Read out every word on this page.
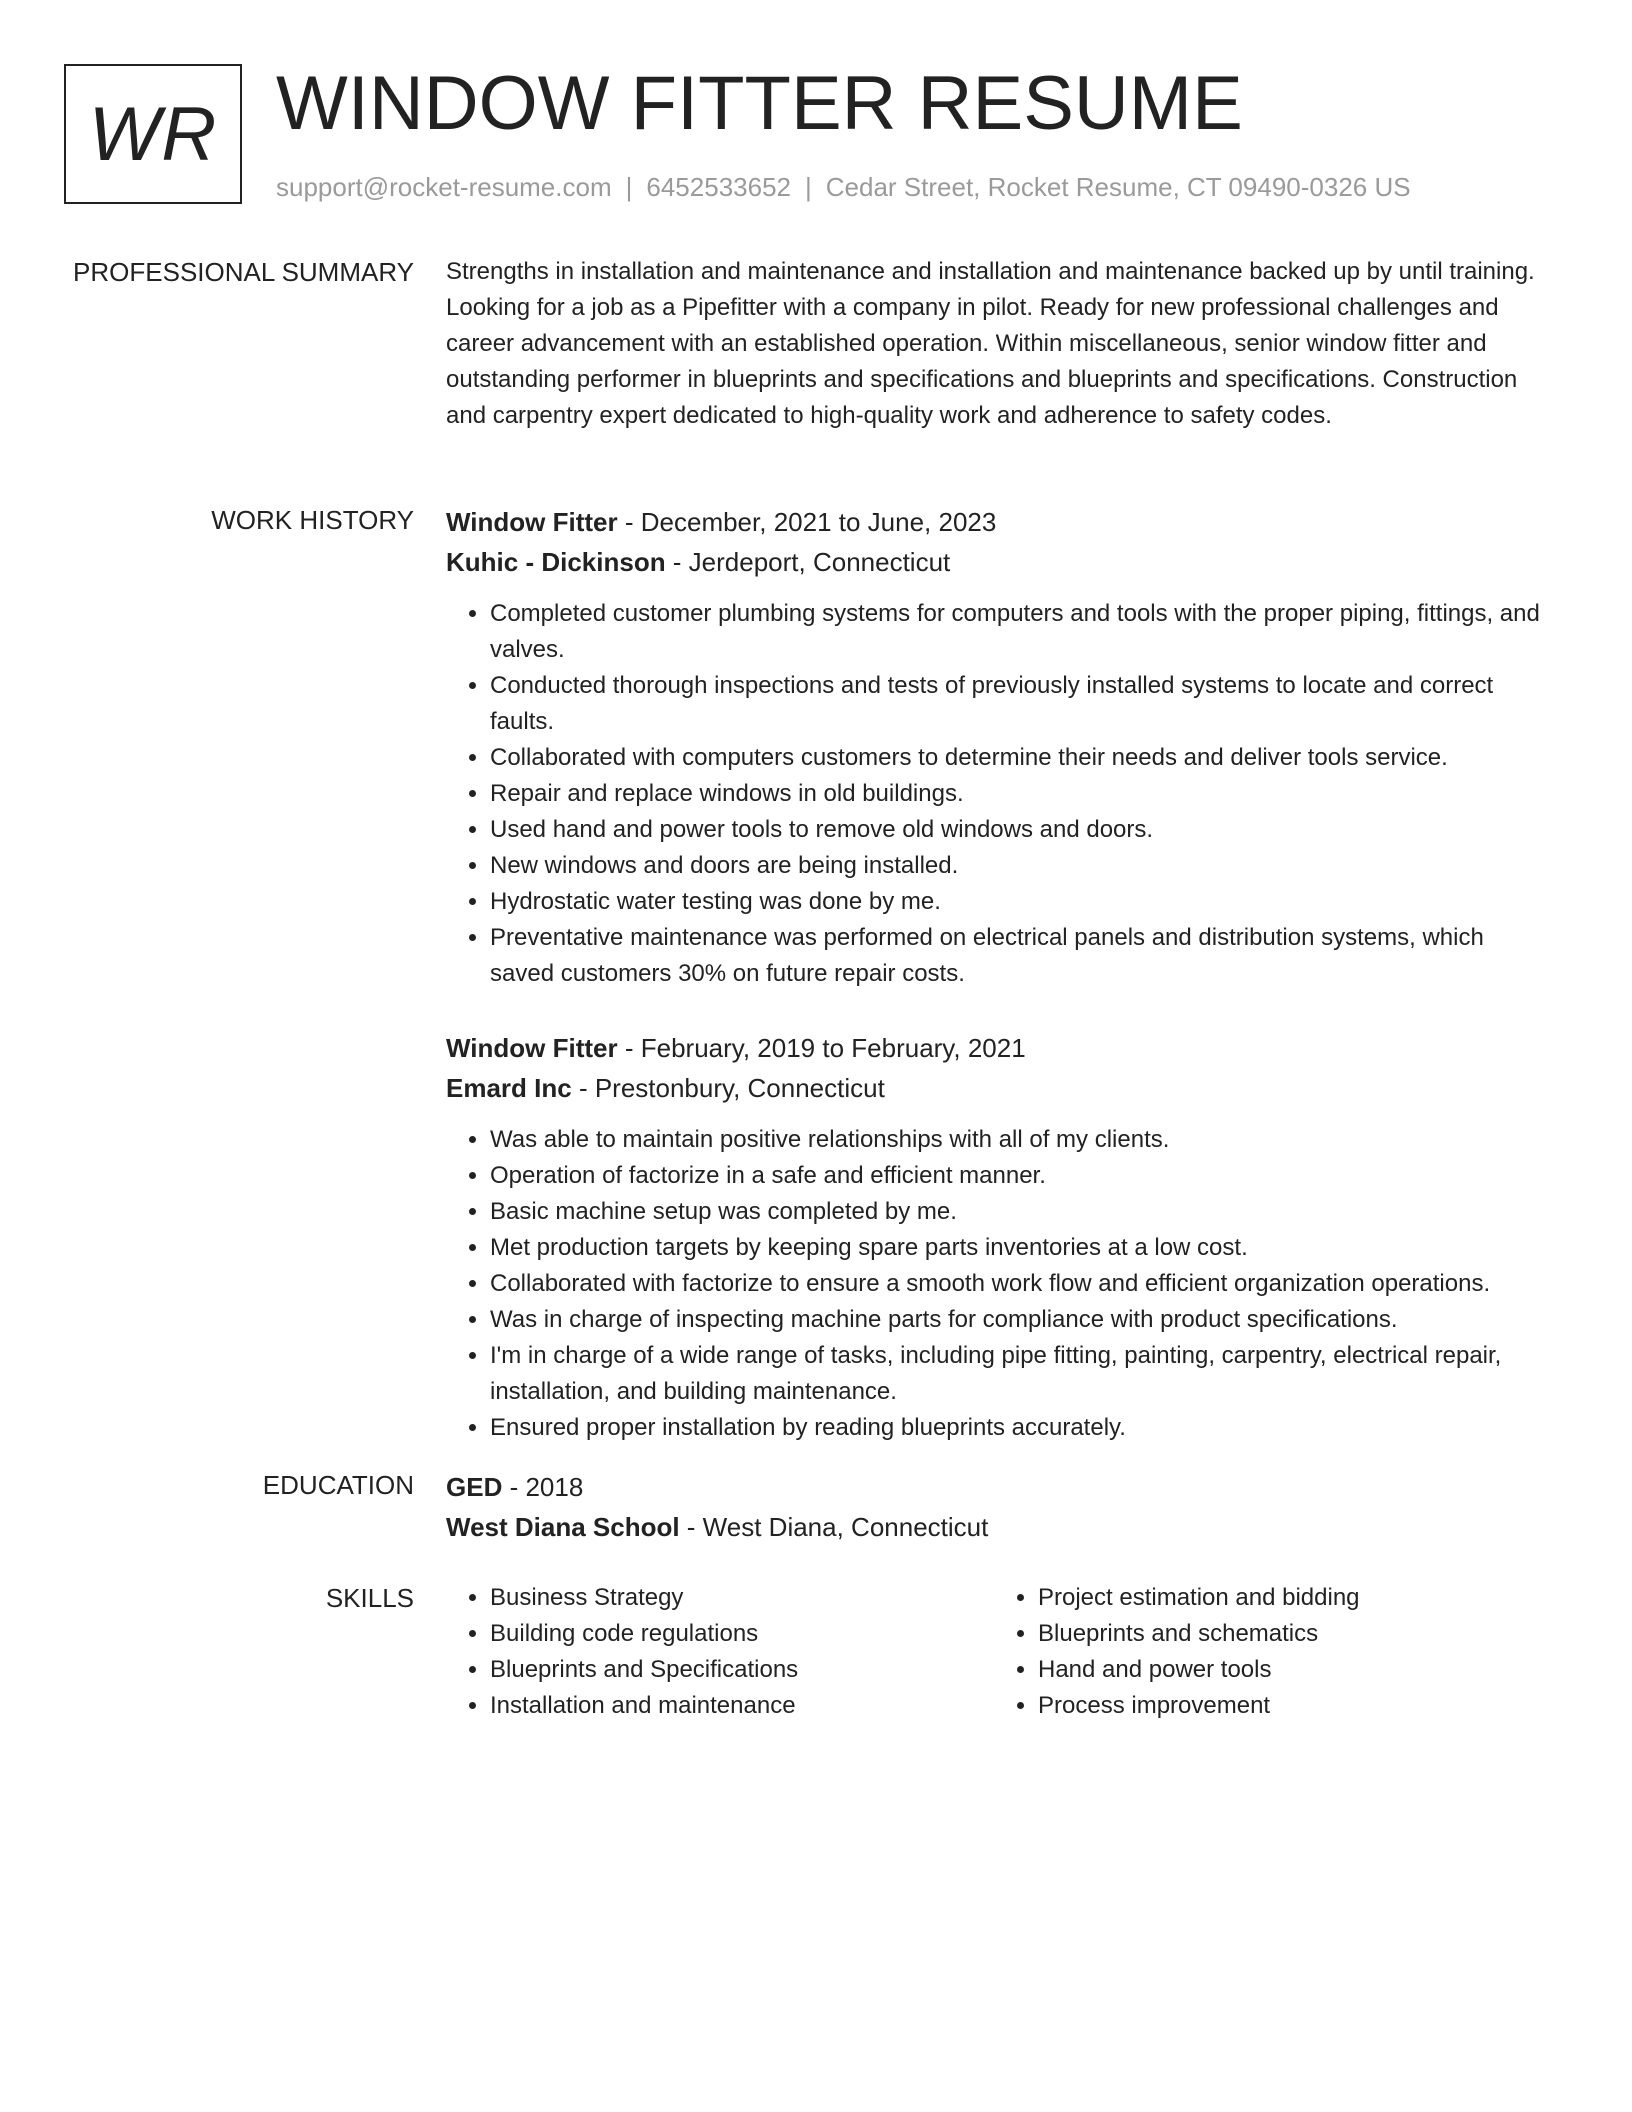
WR WINDOW FITTER RESUME
support@rocket-resume.com | 6452533652 | Cedar Street, Rocket Resume, CT 09490-0326 US
PROFESSIONAL SUMMARY Strengths in installation and maintenance and installation and maintenance backed up by until training. Looking for a job as a Pipefitter with a company in pilot. Ready for new professional challenges and career advancement with an established operation. Within miscellaneous, senior window fitter and outstanding performer in blueprints and specifications and blueprints and specifications. Construction and carpentry expert dedicated to high-quality work and adherence to safety codes.

WORK HISTORY Window Fitter - December, 2021 to June, 2023

Kuhic - Dickinson - Jerdeport, Connecticut

• Completed customer plumbing systems for computers and tools with the proper piping, fittings, and valves.
• Conducted thorough inspections and tests of previously installed systems to locate and correct faults.
• Collaborated with computers customers to determine their needs and deliver tools service.
• Repair and replace windows in old buildings.
• Used hand and power tools to remove old windows and doors.
• New windows and doors are being installed.
• Hydrostatic water testing was done by me.
• Preventative maintenance was performed on electrical panels and distribution systems, which saved customers 30% on future repair costs.

Window Fitter - February, 2019 to February, 2021

Emard Inc - Prestonbury, Connecticut

• Was able to maintain positive relationships with all of my clients.
• Operation of factorize in a safe and efficient manner.
• Basic machine setup was completed by me.
• Met production targets by keeping spare parts inventories at a low cost.
• Collaborated with factorize to ensure a smooth work flow and efficient organization operations.
• Was in charge of inspecting machine parts for compliance with product specifications.
• I'm in charge of a wide range of tasks, including pipe fitting, painting, carpentry, electrical repair, installation, and building maintenance.
• Ensured proper installation by reading blueprints accurately.
EDUCATION GED - 2018

West Diana School - West Diana, Connecticut

SKILLS
•	Business Strategy
• Building code regulations
• Blueprints and Specifications
• Installation and maintenance
• Project estimation and bidding
• Blueprints and schematics
• Hand and power tools
• Process improvement
